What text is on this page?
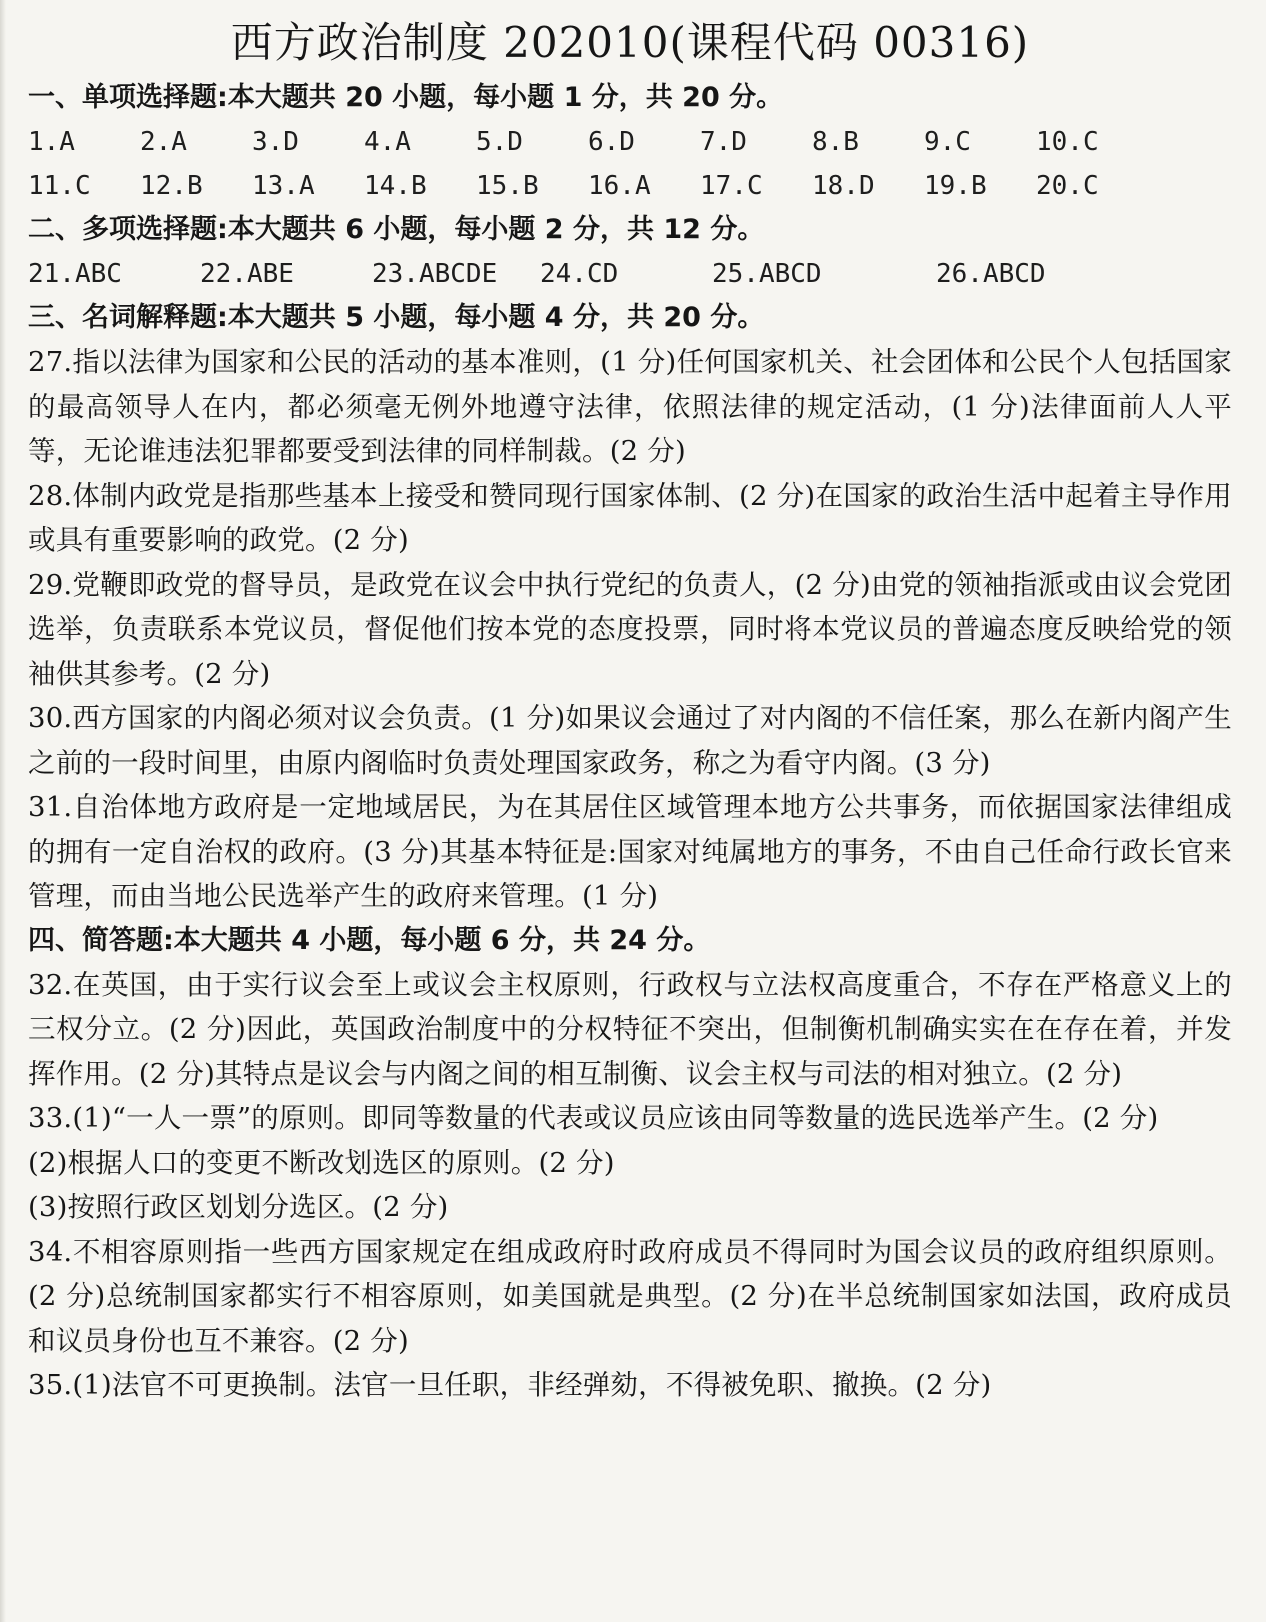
西方政治制度 202010(课程代码 00316)
一、单项选择题:本大题共 20 小题，每小题 1 分，共 20 分。
1.A	2.A	3.D	4.A	5.D	6.D	7.D	8.B	9.C	10.C
11.C	12.B	13.A	14.B	15.B	16.A	17.C	18.D	19.B	20.C
二、多项选择题:本大题共 6 小题，每小题 2 分，共 12 分。
21.ABC	22.ABE	23.ABCDE	24.CD	25.ABCD	26.ABCD
三、名词解释题:本大题共 5 小题，每小题 4 分，共 20 分。

27.指以法律为国家和公民的活动的基本准则，(1 分)任何国家机关、社会团体和公民个人包括国家的最高领导人在内，都必须毫无例外地遵守法律，依照法律的规定活动，(1 分)法律面前人人平等，无论谁违法犯罪都要受到法律的同样制裁。(2 分)

28.体制内政党是指那些基本上接受和赞同现行国家体制、(2 分)在国家的政治生活中起着主导作用或具有重要影响的政党。(2 分)

29.党鞭即政党的督导员，是政党在议会中执行党纪的负责人，(2 分)由党的领袖指派或由议会党团选举，负责联系本党议员，督促他们按本党的态度投票，同时将本党议员的普遍态度反映给党的领袖供其参考。(2 分)

30.西方国家的内阁必须对议会负责。(1 分)如果议会通过了对内阁的不信任案，那么在新内阁产生之前的一段时间里，由原内阁临时负责处理国家政务，称之为看守内阁。(3 分)

31.自治体地方政府是一定地域居民，为在其居住区域管理本地方公共事务，而依据国家法律组成的拥有一定自治权的政府。(3 分)其基本特征是:国家对纯属地方的事务，不由自己任命行政长官来管理，而由当地公民选举产生的政府来管理。(1 分)

四、简答题:本大题共 4 小题，每小题 6 分，共 24 分。

32.在英国，由于实行议会至上或议会主权原则，行政权与立法权高度重合，不存在严格意义上的三权分立。(2 分)因此，英国政治制度中的分权特征不突出，但制衡机制确实实在在存在着，并发挥作用。(2 分)其特点是议会与内阁之间的相互制衡、议会主权与司法的相对独立。(2 分)

33.(1)“一人一票”的原则。即同等数量的代表或议员应该由同等数量的选民选举产生。(2 分)

(2)根据人口的变更不断改划选区的原则。(2 分)

(3)按照行政区划划分选区。(2 分)

34.不相容原则指一些西方国家规定在组成政府时政府成员不得同时为国会议员的政府组织原则。(2 分)总统制国家都实行不相容原则，如美国就是典型。(2 分)在半总统制国家如法国，政府成员和议员身份也互不兼容。(2 分)

35.(1)法官不可更换制。法官一旦任职，非经弹劾，不得被免职、撤换。(2 分)
